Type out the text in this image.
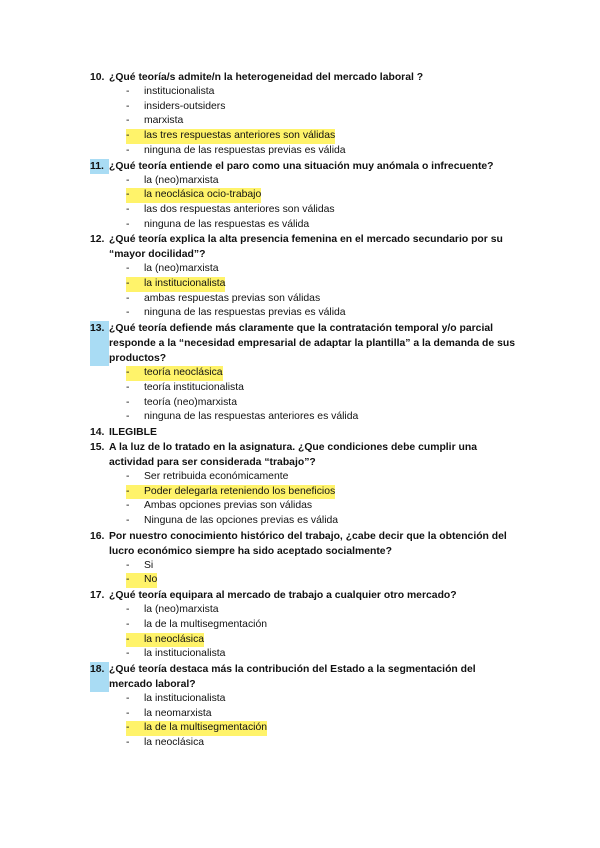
10. ¿Qué teoría/s admite/n la heterogeneidad del mercado laboral ?
-	institucionalista
-	insiders-outsiders
-	marxista
-	las tres respuestas anteriores son válidas
-	ninguna de las respuestas previas es válida
11. ¿Qué teoría entiende el paro como una situación muy anómala o infrecuente?
-	la (neo)marxista
-	la neoclásica ocio-trabajo
-	las dos respuestas anteriores son válidas
-	ninguna de las respuestas es válida
12. ¿Qué teoría explica la alta presencia femenina en el mercado secundario por su “mayor docilidad”?
-	la (neo)marxista
-	la institucionalista
-	ambas respuestas previas son válidas
-	ninguna de las respuestas previas es válida
13. ¿Qué teoría defiende más claramente que la contratación temporal y/o parcial responde a la “necesidad empresarial de adaptar la plantilla” a la demanda de sus productos?
-	teoría neoclásica
-	teoría institucionalista
-	teoría (neo)marxista
-	ninguna de las respuestas anteriores es válida
14. ILEGIBLE
15. A la luz de lo tratado en la asignatura. ¿Que condiciones debe cumplir una actividad para ser considerada “trabajo”?
-	Ser retribuida económicamente
-	Poder delegarla reteniendo los beneficios
-	Ambas opciones previas son válidas
-	Ninguna de las opciones previas es válida
16. Por nuestro conocimiento histórico del trabajo, ¿cabe decir que la obtención del lucro económico siempre ha sido aceptado socialmente?
-	Si
-	No
17. ¿Qué teoría equipara al mercado de trabajo a cualquier otro mercado?
-	la (neo)marxista
-	la de la multisegmentación
-	la neoclásica
-	la institucionalista
18. ¿Qué teoría destaca más la contribución del Estado a la segmentación del mercado laboral?
-	la institucionalista
-	la neomarxista
-	la de la multisegmentación
-	la neoclásica
